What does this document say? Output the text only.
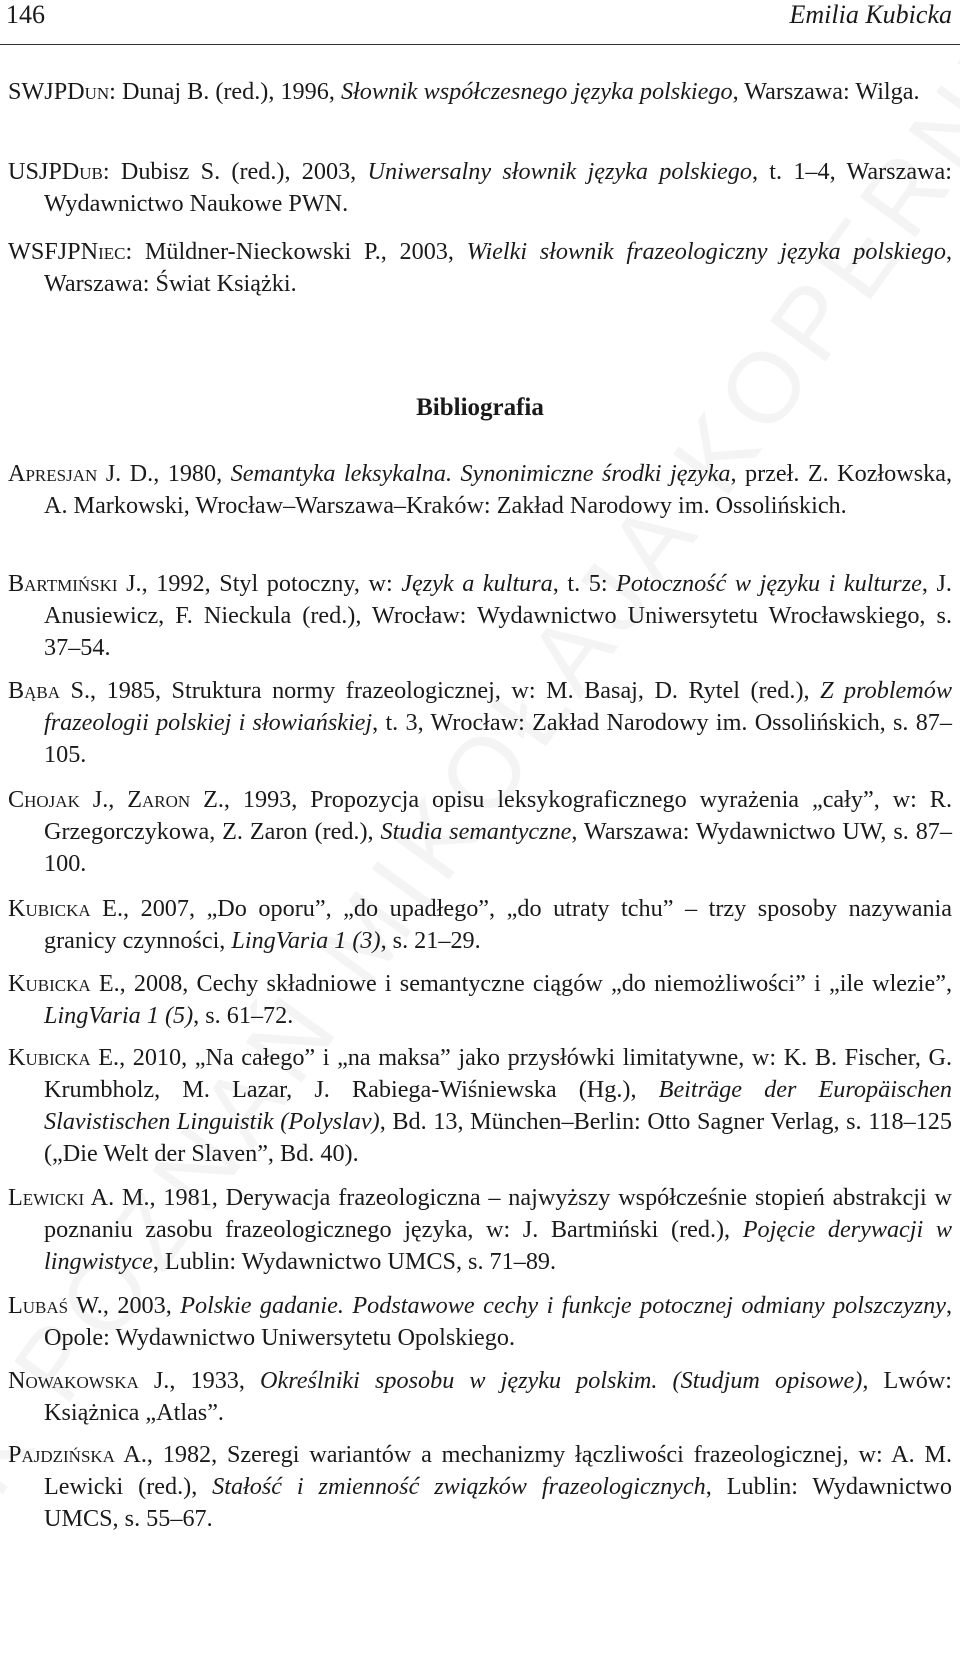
146	Emilia Kubicka

SWJPDun: Dunaj B. (red.), 1996, Słownik współczesnego języka polskiego, Warszawa: Wilga.

USJPDub: Dubisz S. (red.), 2003, Uniwersalny słownik języka polskiego, t. 1–4, Warszawa: Wydawnictwo Naukowe PWN.

WSFJPNiec: Müldner-Nieckowski P., 2003, Wielki słownik frazeologiczny języka polskiego, Warszawa: Świat Książki.

Bibliografia

Apresjan J. D., 1980, Semantyka leksykalna. Synonimiczne środki języka, przeł. Z. Kozłowska, A. Markowski, Wrocław–Warszawa–Kraków: Zakład Narodowy im. Ossolińskich.

Bartmiński J., 1992, Styl potoczny, w: Język a kultura, t. 5: Potoczność w języku i kulturze, J. Anusiewicz, F. Nieckula (red.), Wrocław: Wydawnictwo Uniwersytetu Wrocławskiego, s. 37–54.

Bąba S., 1985, Struktura normy frazeologicznej, w: M. Basaj, D. Rytel (red.), Z problemów frazeologii polskiej i słowiańskiej, t. 3, Wrocław: Zakład Narodowy im. Ossolińskich, s. 87–105.

Chojak J., Zaron Z., 1993, Propozycja opisu leksykograficznego wyrażenia „cały”, w: R. Grzegorczykowa, Z. Zaron (red.), Studia semantyczne, Warszawa: Wydawnictwo UW, s. 87–100.

Kubicka E., 2007, „Do oporu”, „do upadłego”, „do utraty tchu” – trzy sposoby nazywania granicy czynności, LingVaria 1 (3), s. 21–29.

Kubicka E., 2008, Cechy składniowe i semantyczne ciągów „do niemożliwości” i „ile wlezie”, LingVaria 1 (5), s. 61–72.

Kubicka E., 2010, „Na całego” i „na maksa” jako przysłówki limitatywne, w: K. B. Fischer, G. Krumbholz, M. Lazar, J. Rabiega-Wiśniewska (Hg.), Beiträge der Europäischen Slavistischen Linguistik (Polyslav), Bd. 13, München–Berlin: Otto Sagner Verlag, s. 118–125 („Die Welt der Slaven”, Bd. 40).

Lewicki A. M., 1981, Derywacja frazeologiczna – najwyższy współcześnie stopień abstrakcji w poznaniu zasobu frazeologicznego języka, w: J. Bartmiński (red.), Pojęcie derywacji w lingwistyce, Lublin: Wydawnictwo UMCS, s. 71–89.

Lubaś W., 2003, Polskie gadanie. Podstawowe cechy i funkcje potocznej odmiany polszczyzny, Opole: Wydawnictwo Uniwersytetu Opolskiego.

Nowakowska J., 1933, Określniki sposobu w języku polskim. (Studjum opisowe), Lwów: Książnica „Atlas”.

Pajdzińska A., 1982, Szeregi wariantów a mechanizmy łączliwości frazeologicznej, w: A. M. Lewicki (red.), Stałość i zmienność związków frazeologicznych, Lublin: Wydawnictwo UMCS, s. 55–67.
